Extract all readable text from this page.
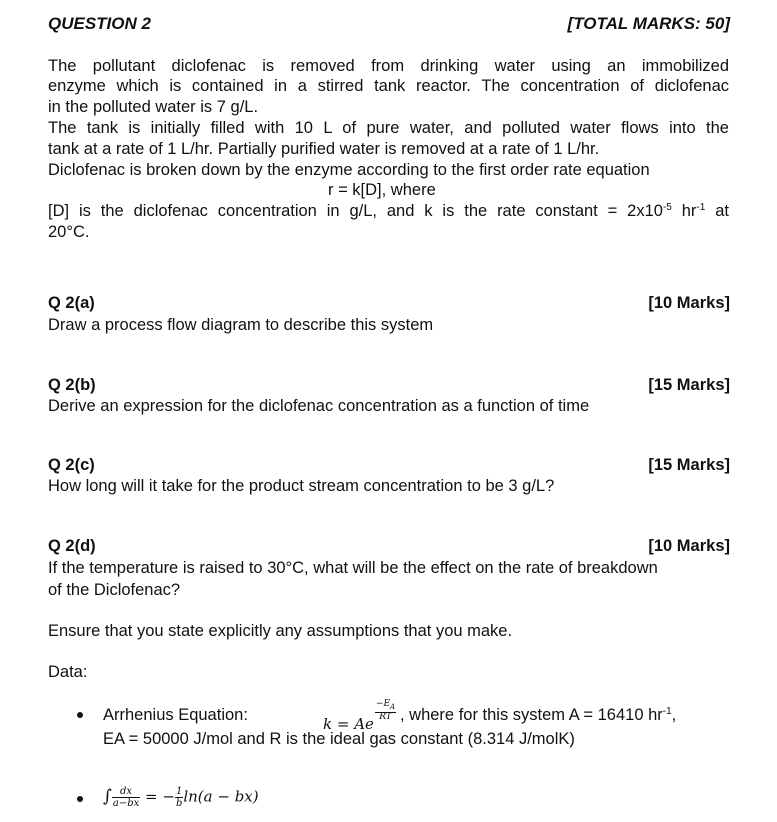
QUESTION 2	[TOTAL MARKS: 50]
The pollutant diclofenac is removed from drinking water using an immobilized
enzyme which is contained in a stirred tank reactor. The concentration of diclofenac
in the polluted water is 7 g/L.
The tank is initially filled with 10 L of pure water, and polluted water flows into the
tank at a rate of 1 L/hr. Partially purified water is removed at a rate of 1 L/hr.
Diclofenac is broken down by the enzyme according to the first order rate equation
r = k[D], where
[D] is the diclofenac concentration in g/L, and k is the rate constant = $2x10^{-5}$ $hr^{-1}$ at
20°C.
Q 2(a)	[10 Marks]
Draw a process flow diagram to describe this system
Q 2(b)	[15 Marks]
Derive an expression for the diclofenac concentration as a function of time
Q 2(c)	[15 Marks]
How long will it take for the product stream concentration to be 3 g/L?
Q 2(d)	[10 Marks]
If the temperature is raised to 30°C, what will be the effect on the rate of breakdown
of the Diclofenac?
Ensure that you state explicitly any assumptions that you make.
Data:
Arrhenius Equation:	k = Ae
$\frac{-E_A}{RT}$ , where for this system A = 16410 $hr^{-1}$,
EA = 50000 J/mol and R is the ideal gas constant (8.314 J/molK)
∫ $\frac{dx}{a-bx}$ = − $\frac{1}{b} \ln(a - bx)$
